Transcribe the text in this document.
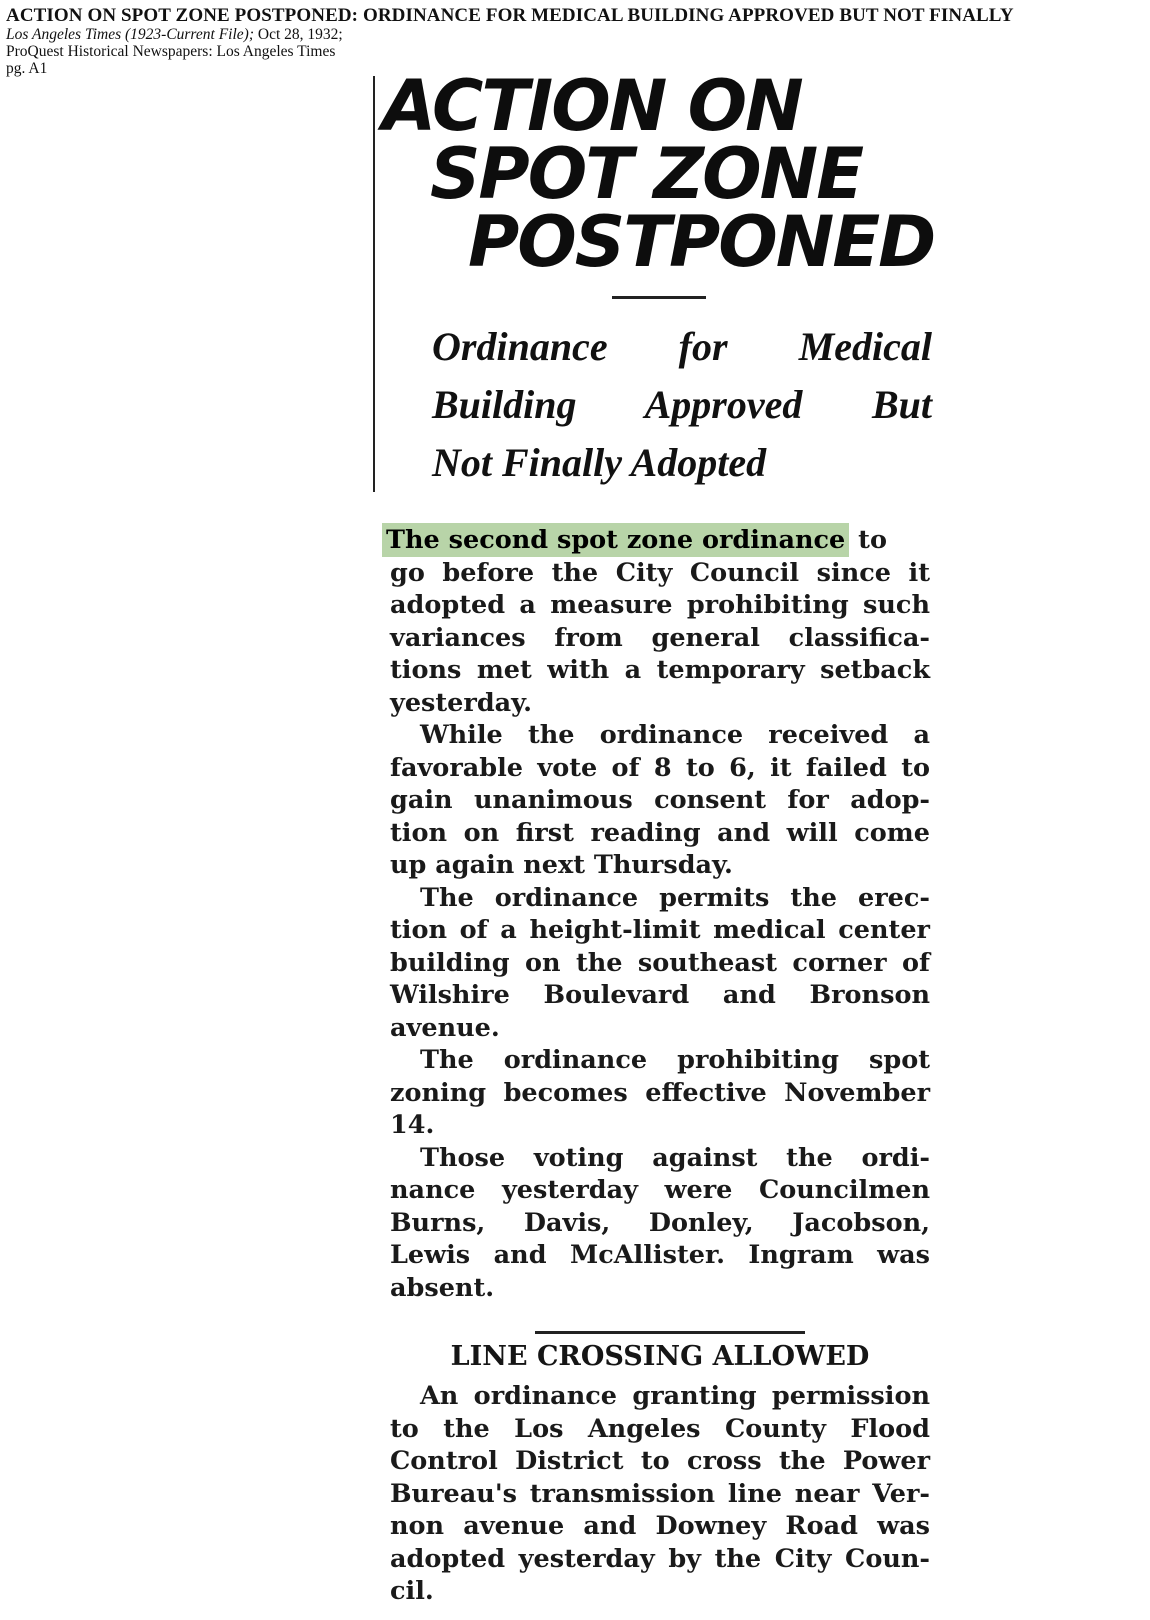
ACTION ON SPOT ZONE POSTPONED: ORDINANCE FOR MEDICAL BUILDING APPROVED BUT NOT FINALLY
Los Angeles Times (1923-Current File); Oct 28, 1932;
ProQuest Historical Newspapers: Los Angeles Times
pg. A1	ACTION ON
SPOT ZONE
POSTPONED
Ordinance for Medical
Building Approved But
Not Finally Adopted

The second spot zone ordinance to
go before the City Council since it
adopted a measure prohibiting such
variances from general classifica-
tions met with a temporary setback
yesterday.

While the ordinance received a
favorable vote of 8 to 6, it failed to
gain unanimous consent for adop-
tion on first reading and will come
up again next Thursday.

The ordinance permits the erec-
tion of a height-limit medical center
building on the southeast corner of
Wilshire Boulevard and Bronson
avenue.

The ordinance prohibiting spot
zoning becomes effective November
14.

Those voting against the ordi-
nance yesterday were Councilmen
Burns, Davis, Donley, Jacobson,
Lewis and McAllister. Ingram was
absent.

LINE CROSSING ALLOWED

An ordinance granting permission
to the Los Angeles County Flood
Control District to cross the Power
Bureau's transmission line near Ver-
non avenue and Downey Road was
adopted yesterday by the City Coun-
cil.
